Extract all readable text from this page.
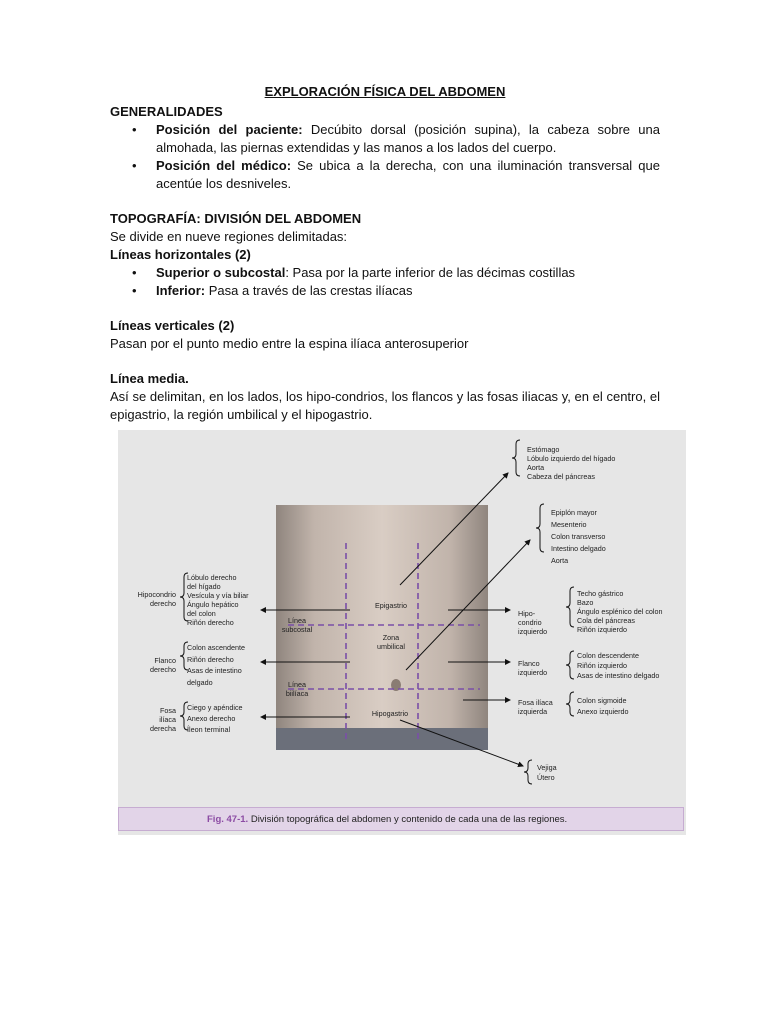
EXPLORACIÓN FÍSICA DEL ABDOMEN

GENERALIDADES

• Posición del paciente: Decúbito dorsal (posición supina), la cabeza sobre una almohada, las piernas extendidas y las manos a los lados del cuerpo.
• Posición del médico: Se ubica a la derecha, con una iluminación transversal que acentúe los desniveles.

TOPOGRAFÍA: DIVISIÓN DEL ABDOMEN

Se divide en nueve regiones delimitadas:

Líneas horizontales (2)

• Superior o subcostal: Pasa por la parte inferior de las décimas costillas
• Inferior: Pasa a través de las crestas ilíacas

Líneas verticales (2)

Pasan por el punto medio entre la espina ilíaca anterosuperior

Línea media.

Así se delimitan, en los lados, los hipo-condrios, los flancos y las fosas iliacas y, en el centro, el epigastrio, la región umbilical y el hipogastrio.

Epigastrio
Zona
umbilical
Hipogastrio
Línea
subcostal
Línea
biilíaca
Hipocondrio
derecho
Flanco
derecho
Fosa
ilíaca
derecha
Hipo-
condrio
izquierdo
Flanco
izquierdo
Fosa ilíaca
izquierda
Estómago
Lóbulo izquierdo del hígado
Aorta
Cabeza del páncreas
Epiplón mayor
Mesenterio
Colon transverso
Intestino delgado
Aorta
Lóbulo derecho
del hígado
Vesícula y vía biliar
Ángulo hepático
del colon
Riñón derecho
Colon ascendente
Riñón derecho
Asas de intestino
delgado
Ciego y apéndice
Anexo derecho
Íleon terminal
Techo gástrico
Bazo
Ángulo esplénico del colon
Cola del páncreas
Riñón izquierdo
Colon descendente
Riñón izquierdo
Asas de intestino delgado
Colon sigmoide
Anexo izquierdo
Vejiga
Útero
Fig. 47-1. División topográfica del abdomen y contenido de cada una de las regiones.
